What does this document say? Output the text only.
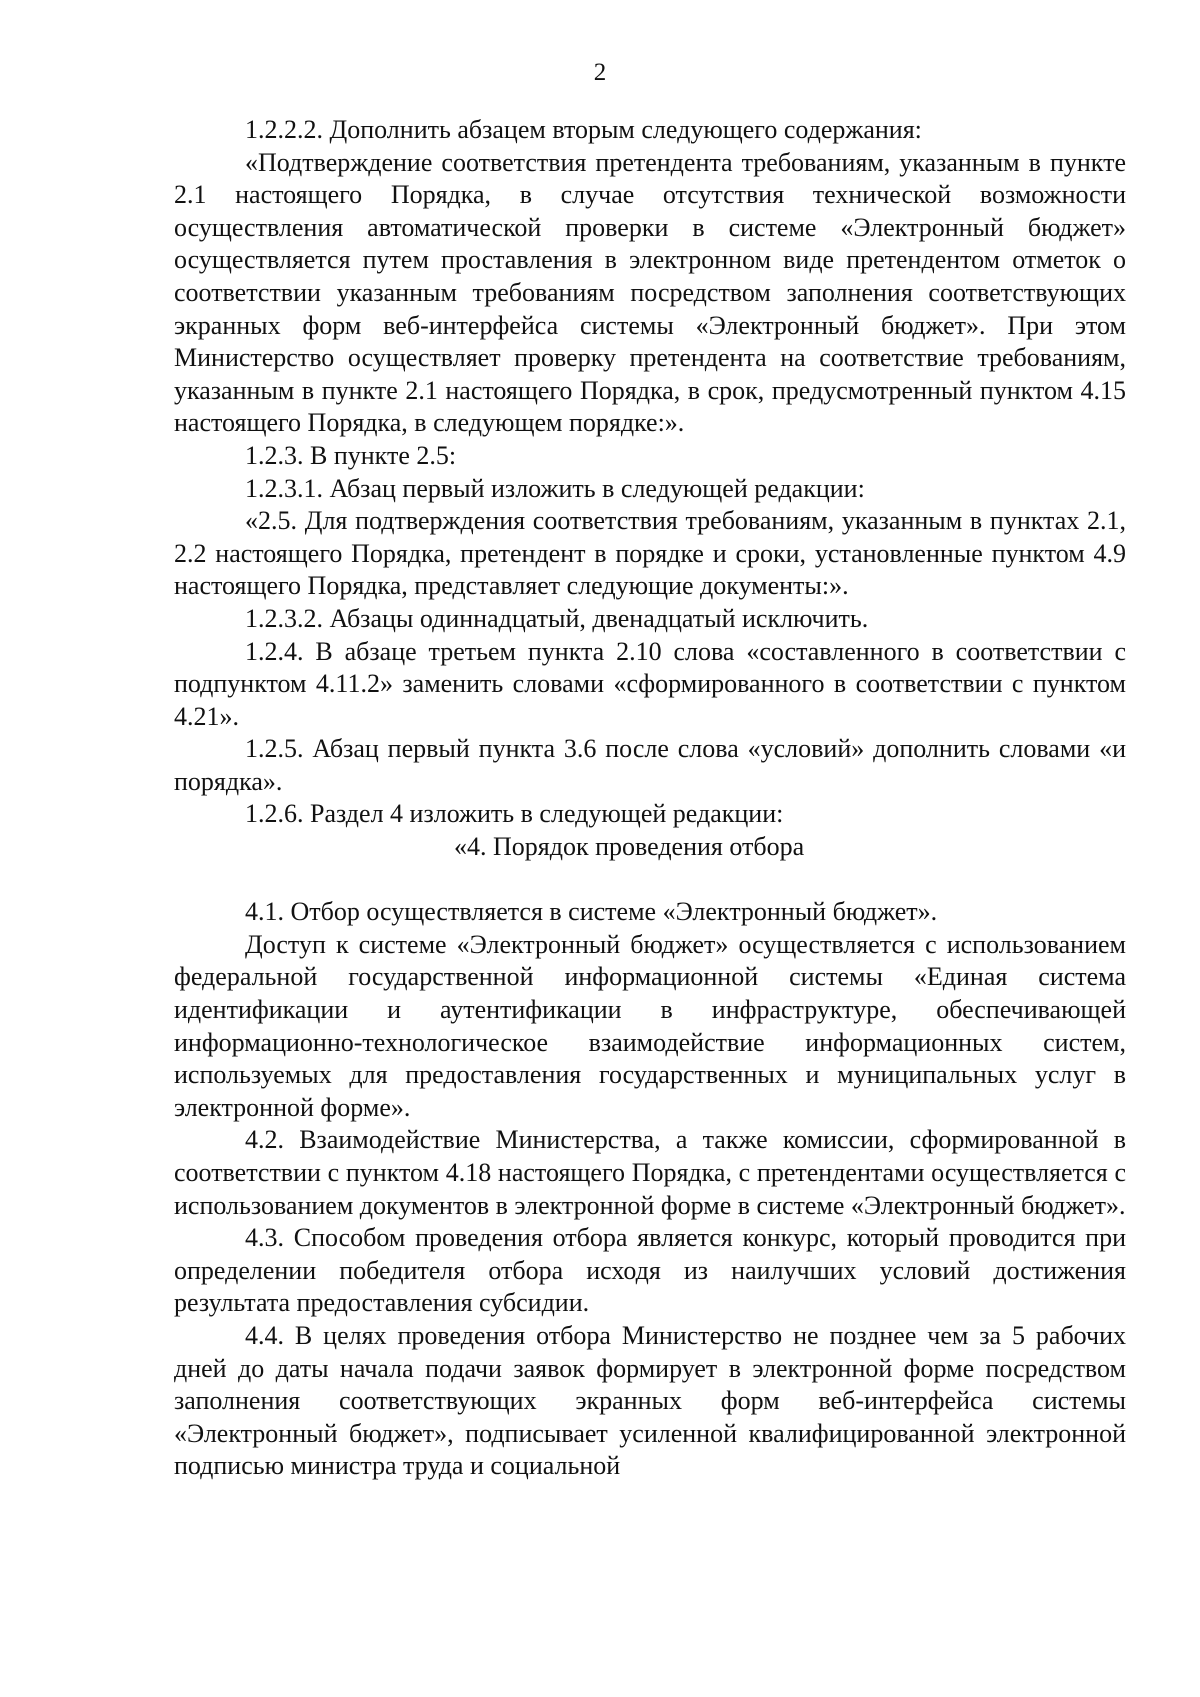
2

1.2.2.2. Дополнить абзацем вторым следующего содержания:

«Подтверждение соответствия претендента требованиям, указанным в пункте 2.1 настоящего Порядка, в случае отсутствия технической возможности осуществления автоматической проверки в системе «Электронный бюджет» осуществляется путем проставления в электронном виде претендентом отметок о соответствии указанным требованиям посредством заполнения соответствующих экранных форм веб-интерфейса системы «Электронный бюджет». При этом Министерство осуществляет проверку претендента на соответствие требованиям, указанным в пункте 2.1 настоящего Порядка, в срок, предусмотренный пунктом 4.15 настоящего Порядка, в следующем порядке:».

1.2.3. В пункте 2.5:

1.2.3.1. Абзац первый изложить в следующей редакции:

«2.5. Для подтверждения соответствия требованиям, указанным в пунктах 2.1, 2.2 настоящего Порядка, претендент в порядке и сроки, установленные пунктом 4.9 настоящего Порядка, представляет следующие документы:».

1.2.3.2. Абзацы одиннадцатый, двенадцатый исключить.

1.2.4. В абзаце третьем пункта 2.10 слова «составленного в соответствии с подпунктом 4.11.2» заменить словами «сформированного в соответствии с пунктом 4.21».

1.2.5. Абзац первый пункта 3.6 после слова «условий» дополнить словами «и порядка».

1.2.6. Раздел 4 изложить в следующей редакции:

«4. Порядок проведения отбора

4.1. Отбор осуществляется в системе «Электронный бюджет».

Доступ к системе «Электронный бюджет» осуществляется с использованием федеральной государственной информационной системы «Единая система идентификации и аутентификации в инфраструктуре, обеспечивающей информационно-технологическое взаимодействие информационных систем, используемых для предоставления государственных и муниципальных услуг в электронной форме».

4.2. Взаимодействие Министерства, а также комиссии, сформированной в соответствии с пунктом 4.18 настоящего Порядка, с претендентами осуществляется с использованием документов в электронной форме в системе «Электронный бюджет».

4.3. Способом проведения отбора является конкурс, который проводится при определении победителя отбора исходя из наилучших условий достижения результата предоставления субсидии.

4.4. В целях проведения отбора Министерство не позднее чем за 5 рабочих дней до даты начала подачи заявок формирует в электронной форме посредством заполнения соответствующих экранных форм веб-интерфейса системы «Электронный бюджет», подписывает усиленной квалифицированной электронной подписью министра труда и социальной
